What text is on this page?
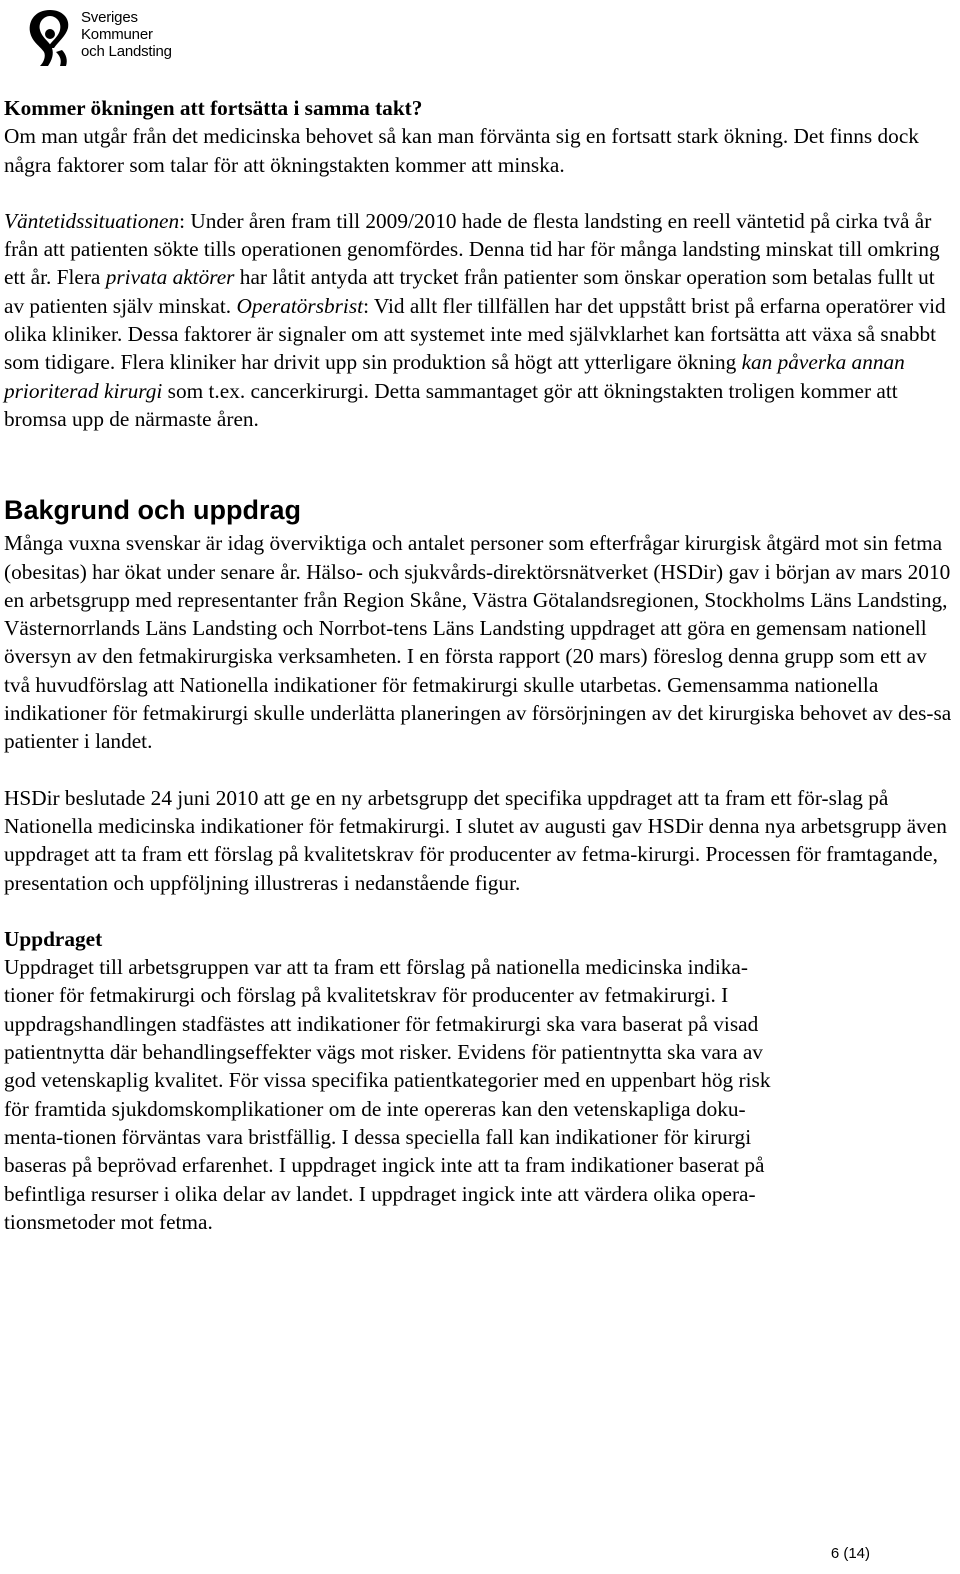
Sveriges
Kommuner
och Landsting

Kommer ökningen att fortsätta i samma takt?

Om man utgår från det medicinska behovet så kan man förvänta sig en fortsatt stark ökning. Det finns dock några faktorer som talar för att ökningstakten kommer att minska.

Väntetidssituationen: Under åren fram till 2009/2010 hade de flesta landsting en reell väntetid på cirka två år från att patienten sökte tills operationen genomfördes. Denna tid har för många landsting minskat till omkring ett år. Flera privata aktörer har låtit antyda att trycket från patienter som önskar operation som betalas fullt ut av patienten själv minskat. Operatörsbrist: Vid allt fler tillfällen har det uppstått brist på erfarna operatörer vid olika kliniker. Dessa faktorer är signaler om att systemet inte med självklarhet kan fortsätta att växa så snabbt som tidigare. Flera kliniker har drivit upp sin produktion så högt att ytterligare ökning kan påverka annan prioriterad kirurgi som t.ex. cancerkirurgi. Detta sammantaget gör att ökningstakten troligen kommer att bromsa upp de närmaste åren.

Bakgrund och uppdrag

Många vuxna svenskar är idag överviktiga och antalet personer som efterfrågar kirurgisk åtgärd mot sin fetma (obesitas) har ökat under senare år. Hälso- och sjukvårds-direktörsnätverket (HSDir) gav i början av mars 2010 en arbetsgrupp med representanter från Region Skåne, Västra Götalandsregionen, Stockholms Läns Landsting, Västernorrlands Läns Landsting och Norrbot-tens Läns Landsting uppdraget att göra en gemensam nationell översyn av den fetmakirurgiska verksamheten. I en första rapport (20 mars) föreslog denna grupp som ett av två huvudförslag att Nationella indikationer för fetmakirurgi skulle utarbetas. Gemensamma nationella indikationer för fetmakirurgi skulle underlätta planeringen av försörjningen av det kirurgiska behovet av des-sa patienter i landet.

HSDir beslutade 24 juni 2010 att ge en ny arbetsgrupp det specifika uppdraget att ta fram ett för-slag på Nationella medicinska indikationer för fetmakirurgi. I slutet av augusti gav HSDir denna nya arbetsgrupp även uppdraget att ta fram ett förslag på kvalitetskrav för producenter av fetma-kirurgi. Processen för framtagande, presentation och uppföljning illustreras i nedanstående figur.

Uppdraget

Uppdraget till arbetsgruppen var att ta fram ett förslag på nationella medicinska indika-
tioner för fetmakirurgi och förslag på kvalitetskrav för producenter av fetmakirurgi. I
uppdragshandlingen stadfästes att indikationer för fetmakirurgi ska vara baserat på visad
patientnytta där behandlingseffekter vägs mot risker. Evidens för patientnytta ska vara av
god vetenskaplig kvalitet. För vissa specifika patientkategorier med en uppenbart hög risk
för framtida sjukdomskomplikationer om de inte opereras kan den vetenskapliga doku-
menta-tionen förväntas vara bristfällig. I dessa speciella fall kan indikationer för kirurgi
baseras på beprövad erfarenhet. I uppdraget ingick inte att ta fram indikationer baserat på
befintliga resurser i olika delar av landet. I uppdraget ingick inte att värdera olika opera-
tionsmetoder mot fetma.
6 (14)
